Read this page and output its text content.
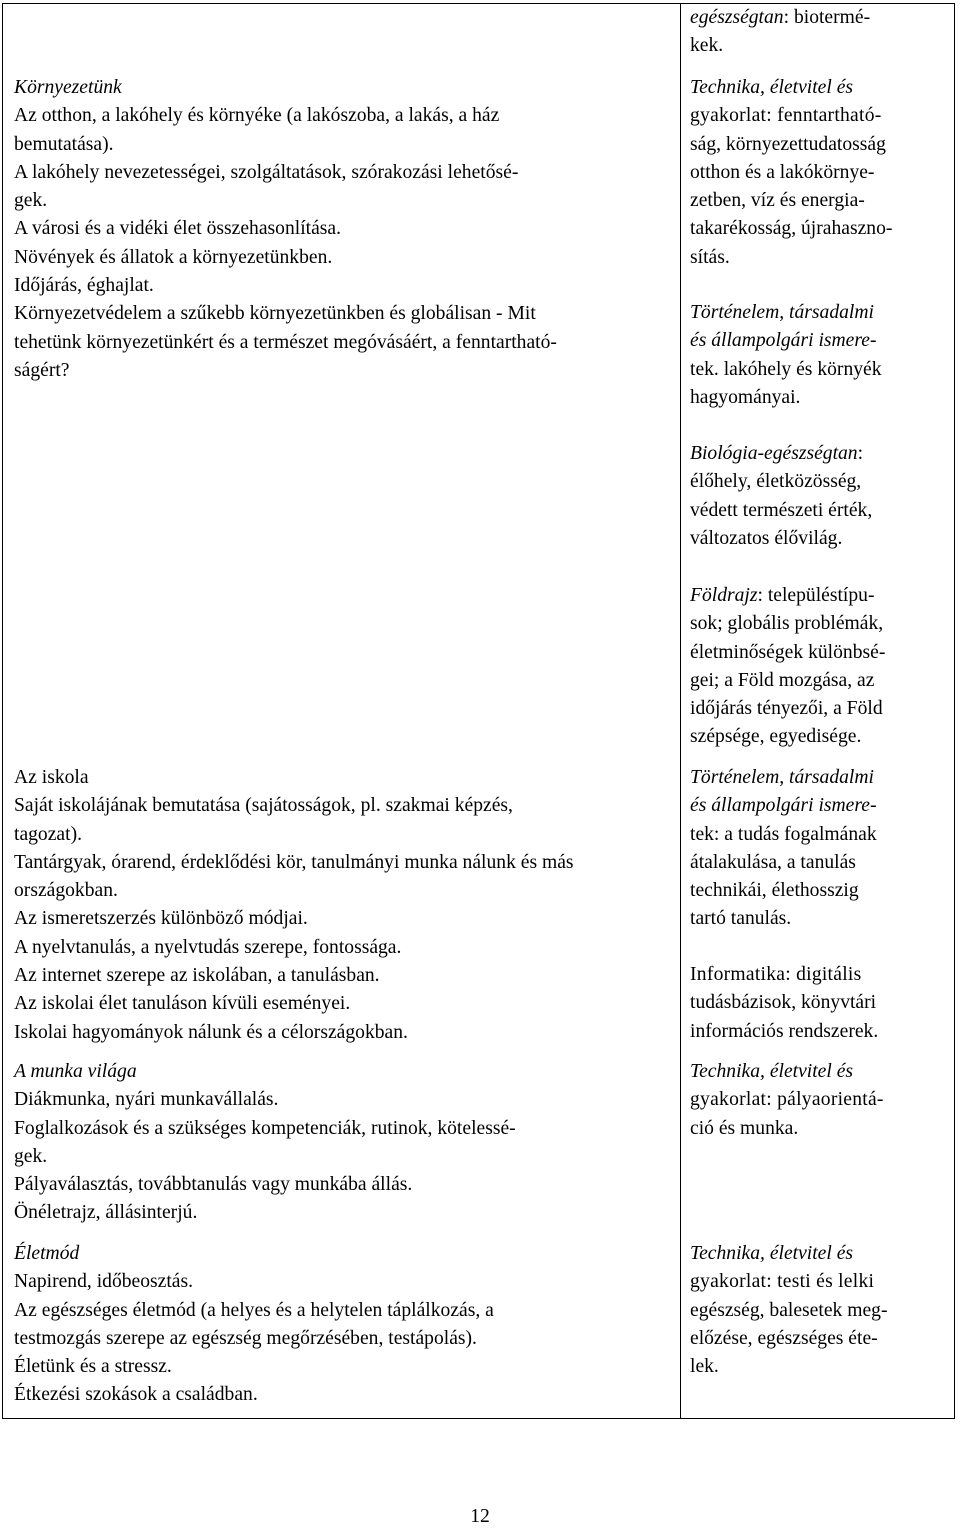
Környezetünk
Az otthon, a lakóhely és környéke (a lakószoba, a lakás, a ház
bemutatása).
A lakóhely nevezetességei, szolgáltatások, szórakozási lehetősé-
gek.
A városi és a vidéki élet összehasonlítása.
Növények és állatok a környezetünkben.
Időjárás, éghajlat.
Környezetvédelem a szűkebb környezetünkben és globálisan - Mit
tehetünk környezetünkért és a természet megóvásáért, a fenntartható-
ságért?
Az iskola
Saját iskolájának bemutatása (sajátosságok, pl. szakmai képzés,
tagozat).
Tantárgyak, órarend, érdeklődési kör, tanulmányi munka nálunk és más
országokban.
Az ismeretszerzés különböző módjai.
A nyelvtanulás, a nyelvtudás szerepe, fontossága.
Az internet szerepe az iskolában, a tanulásban.
Az iskolai élet tanuláson kívüli eseményei.
Iskolai hagyományok nálunk és a célországokban.
A munka világa
Diákmunka, nyári munkavállalás.
Foglalkozások és a szükséges kompetenciák, rutinok, kötelessé-
gek.
Pályaválasztás, továbbtanulás vagy munkába állás.
Önéletrajz, állásinterjú.
Életmód
Napirend, időbeosztás.
Az egészséges életmód (a helyes és a helytelen táplálkozás, a
testmozgás szerepe az egészség megőrzésében, testápolás).
Életünk és a stressz.
Étkezési szokások a családban.
egészségtan: biotermé-
kek.
Technika, életvitel és
gyakorlat: fenntartható-
ság, környezettudatosság
otthon és a lakókörnye-
zetben, víz és energia-
takarékosság, újrahaszno-
sítás.
Történelem, társadalmi
és állampolgári ismere-
tek. lakóhely és környék
hagyományai.
Biológia-egészségtan:
élőhely, életközösség,
védett természeti érték,
változatos élővilág.
Földrajz: településtípu-
sok; globális problémák,
életminőségek különbsé-
gei; a Föld mozgása, az
időjárás tényezői, a Föld
szépsége, egyedisége.
Történelem, társadalmi
és állampolgári ismere-
tek: a tudás fogalmának
átalakulása, a tanulás
technikái, élethosszig
tartó tanulás.
Informatika: digitális
tudásbázisok, könyvtári
információs rendszerek.
Technika, életvitel és
gyakorlat: pályaorientá-
ció és munka.
Technika, életvitel és
gyakorlat: testi és lelki
egészség, balesetek meg-
előzése, egészséges éte-
lek.
12
